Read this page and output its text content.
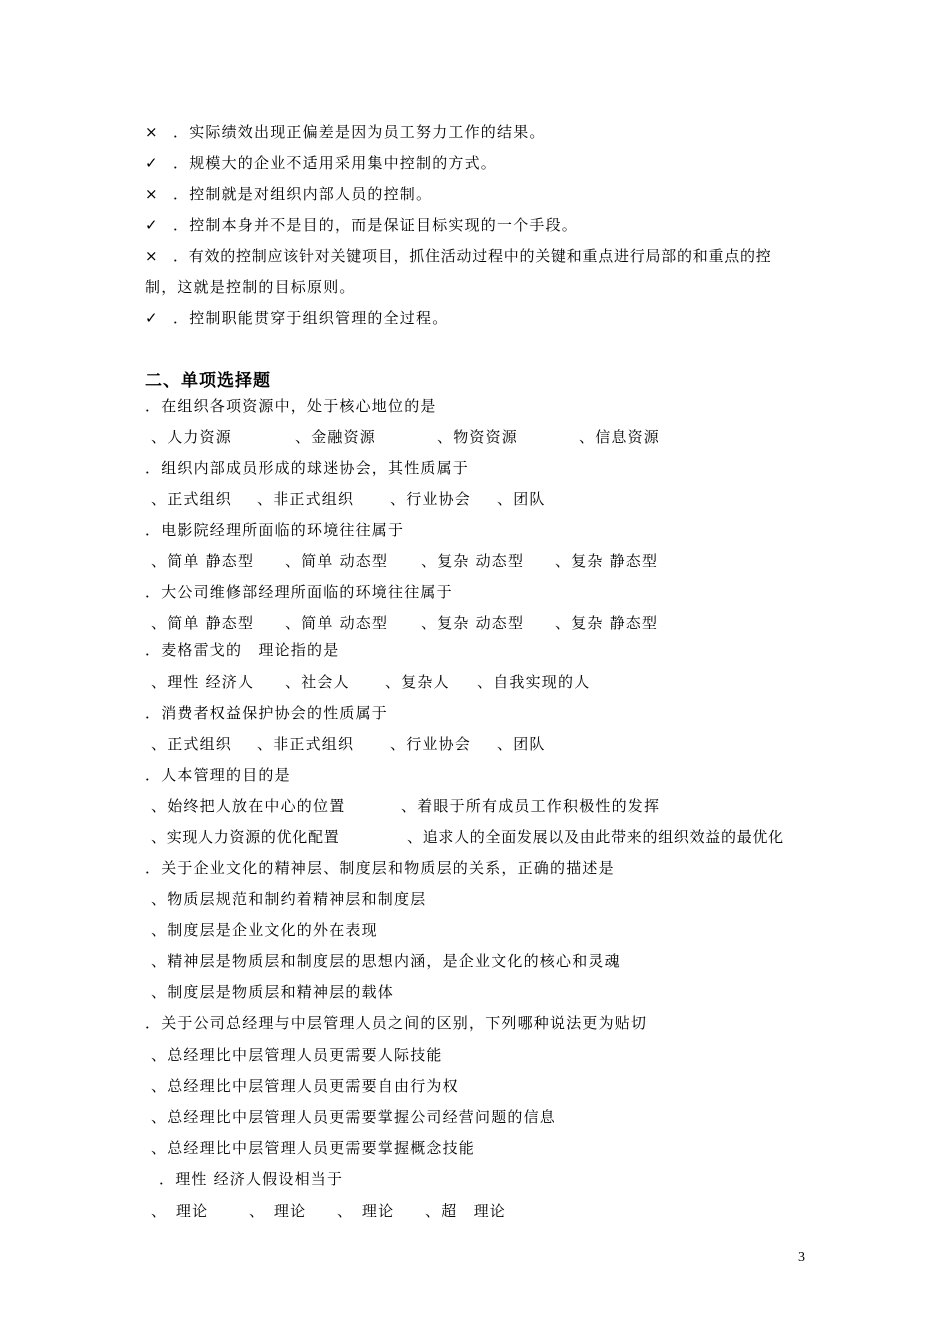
× ．实际绩效出现正偏差是因为员工努力工作的结果。
✓ ．规模大的企业不适用采用集中控制的方式。
× ．控制就是对组织内部人员的控制。
✓ ．控制本身并不是目的，而是保证目标实现的一个手段。
× ．有效的控制应该针对关键项目，抓住活动过程中的关键和重点进行局部的和重点的控
制，这就是控制的目标原则。
✓ ．控制职能贯穿于组织管理的全过程。
二、单项选择题
．在组织各项资源中，处于核心地位的是
、人力资源	、金融资源	、物资资源	、信息资源
．组织内部成员形成的球迷协会，其性质属于
、正式组织 、非正式组织 、行业协会 、团队
．电影院经理所面临的环境往往属于
、简单 静态型 、简单 动态型 、复杂 动态型 、复杂 静态型
．大公司维修部经理所面临的环境往往属于
、简单 静态型 、简单 动态型 、复杂 动态型 、复杂 静态型
．麦格雷戈的　理论指的是
、理性 经济人 、社会人 、复杂人 、自我实现的人
．消费者权益保护协会的性质属于
、正式组织 、非正式组织 、行业协会 、团队
．人本管理的目的是
、始终把人放在中心的位置	、着眼于所有成员工作积极性的发挥
、实现人力资源的优化配置	、追求人的全面发展以及由此带来的组织效益的最优化
．关于企业文化的精神层、制度层和物质层的关系，正确的描述是
、物质层规范和制约着精神层和制度层
、制度层是企业文化的外在表现
、精神层是物质层和制度层的思想内涵，是企业文化的核心和灵魂
、制度层是物质层和精神层的载体
．关于公司总经理与中层管理人员之间的区别，下列哪种说法更为贴切
、总经理比中层管理人员更需要人际技能
、总经理比中层管理人员更需要自由行为权
、总经理比中层管理人员更需要掌握公司经营问题的信息
、总经理比中层管理人员更需要掌握概念技能
．理性 经济人假设相当于
、　理论	、　理论 、　理论 、超　理论
3
